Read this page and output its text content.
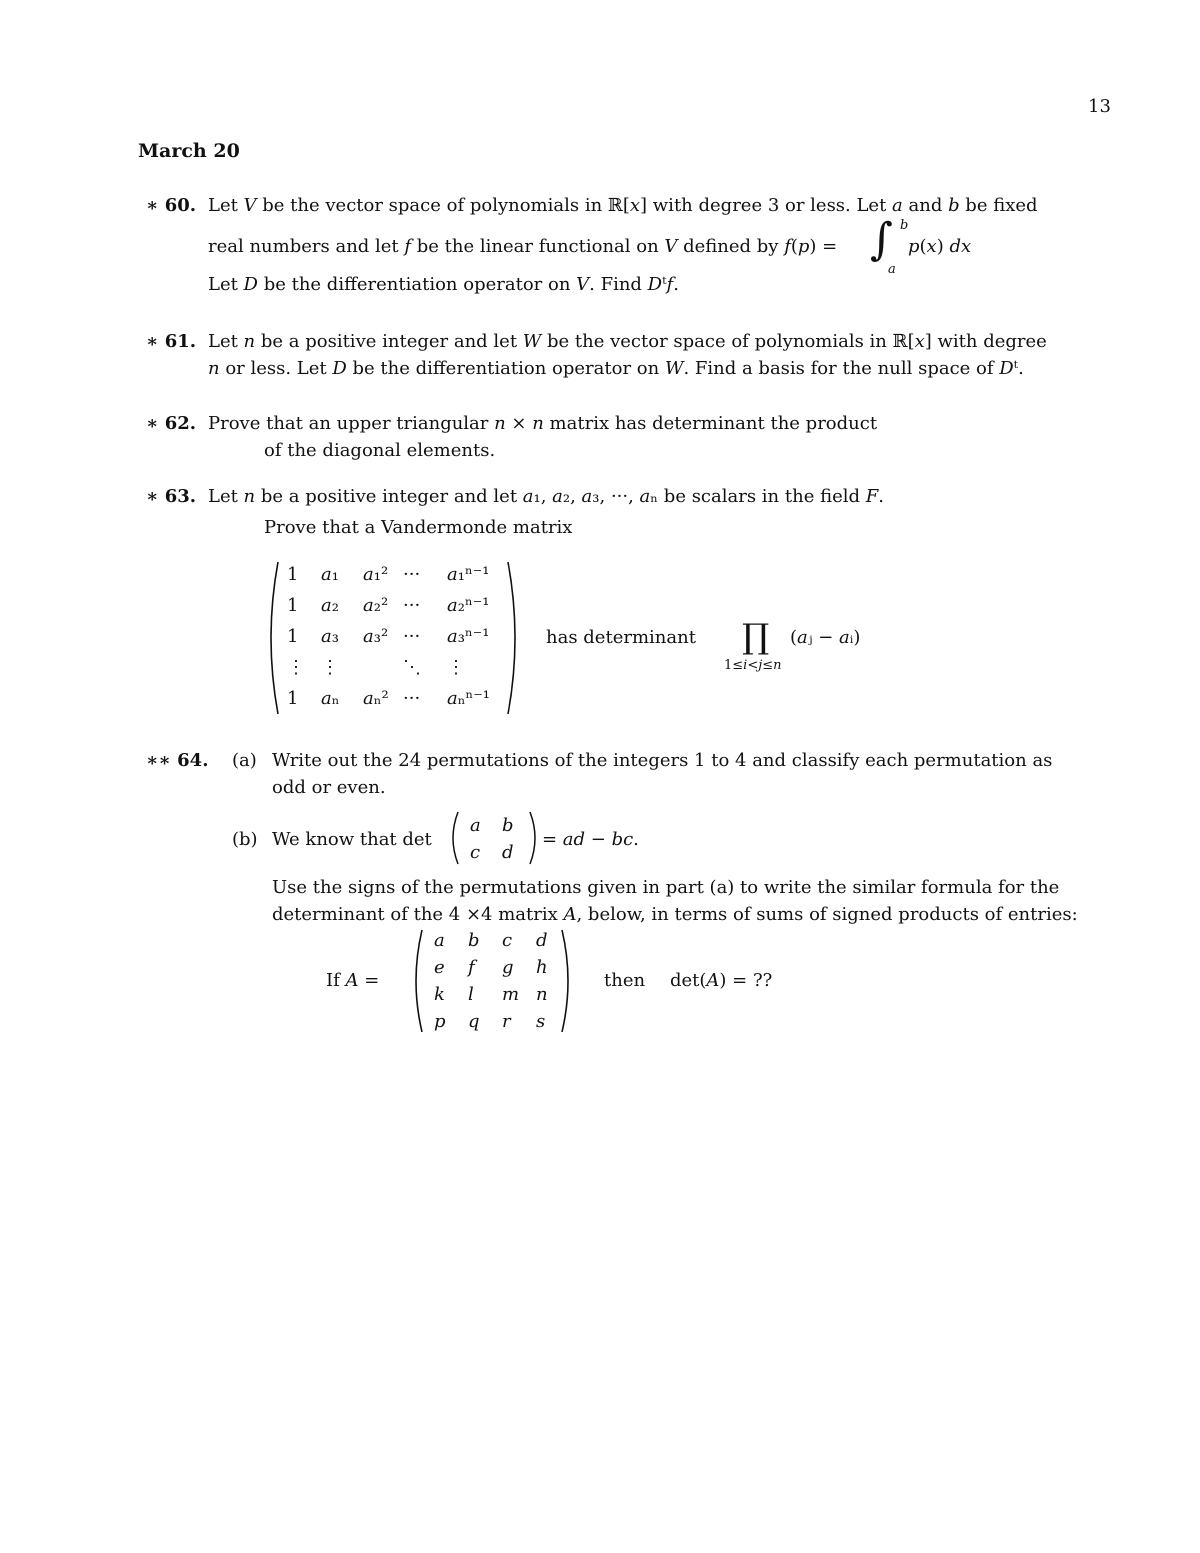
13
March 20
∗ 60. Let 𝑉 be the vector space of polynomials in ℝ[𝑥] with degree 3 or less. Let 𝑎 and 𝑏 be fixed
real numbers and let 𝑓 be the linear functional on 𝑉 defined by 𝑓(𝑝) = ∫ 𝑏
𝑎
𝑝(𝑥) 𝑑𝑥
Let 𝐷 be the differentiation operator on 𝑉. Find 𝐷ᵗ𝑓.
∗ 61. Let 𝑛 be a positive integer and let 𝑊 be the vector space of polynomials in ℝ[𝑥] with degree
𝑛 or less. Let 𝐷 be the differentiation operator on 𝑊. Find a basis for the null space of 𝐷ᵗ.
∗ 62. Prove that an upper triangular 𝑛 × 𝑛 matrix has determinant the product
of the diagonal elements.
∗ 63. Let 𝑛 be a positive integer and let 𝑎₁, 𝑎₂, 𝑎₃, ···, 𝑎ₙ be scalars in the field 𝐹.
Prove that a Vandermonde matrix
1 𝑎₁ 𝑎₁² ··· 𝑎₁ⁿ⁻¹
1 𝑎₂ 𝑎₂² ··· 𝑎₂ⁿ⁻¹
1 𝑎₃ 𝑎₃² ··· 𝑎₃ⁿ⁻¹
⋮ ⋮	⋱ ⋮
1 𝑎ₙ 𝑎ₙ² ··· 𝑎ₙⁿ⁻¹
has determinant ∏
1≤𝑖<𝑗≤𝑛
(𝑎ⱼ − 𝑎ᵢ)
∗∗ 64. (a) Write out the 24 permutations of the integers 1 to 4 and classify each permutation as
odd or even.
(b) We know that det
𝑎 𝑏
𝑐 𝑑
= 𝑎𝑑 − 𝑏𝑐.
Use the signs of the permutations given in part (a) to write the similar formula for the
determinant of the 4 ×4 matrix 𝐴, below, in terms of sums of signed products of entries:
If 𝐴 =
𝑎 𝑏 𝑐 𝑑
𝑒 𝑓 𝑔 ℎ
𝑘 𝑙 𝑚 𝑛
𝑝 𝑞 𝑟 𝑠
then det(𝐴) = ??
